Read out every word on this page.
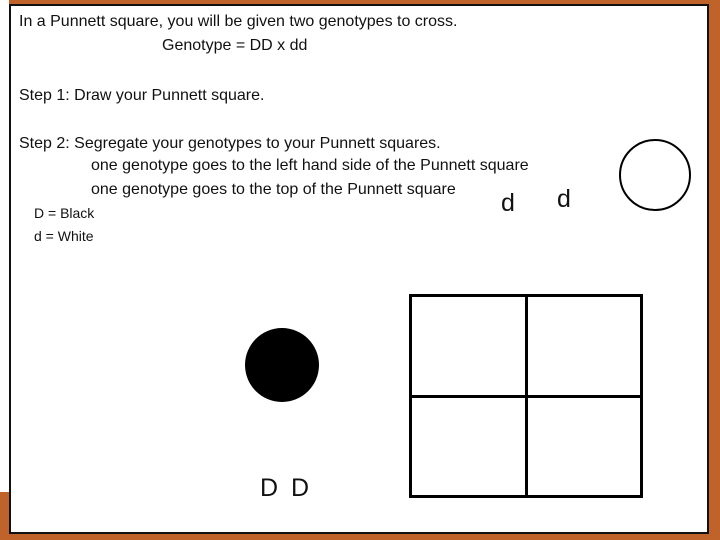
In a Punnett square, you will be given two genotypes to cross.
Genotype = DD x dd
Step 1: Draw your Punnett square.
Step 2: Segregate your genotypes to your Punnett squares.
one genotype goes to the left hand side of the Punnett square
one genotype goes to the top of the Punnett square
D = Black
d = White
d d
D D
